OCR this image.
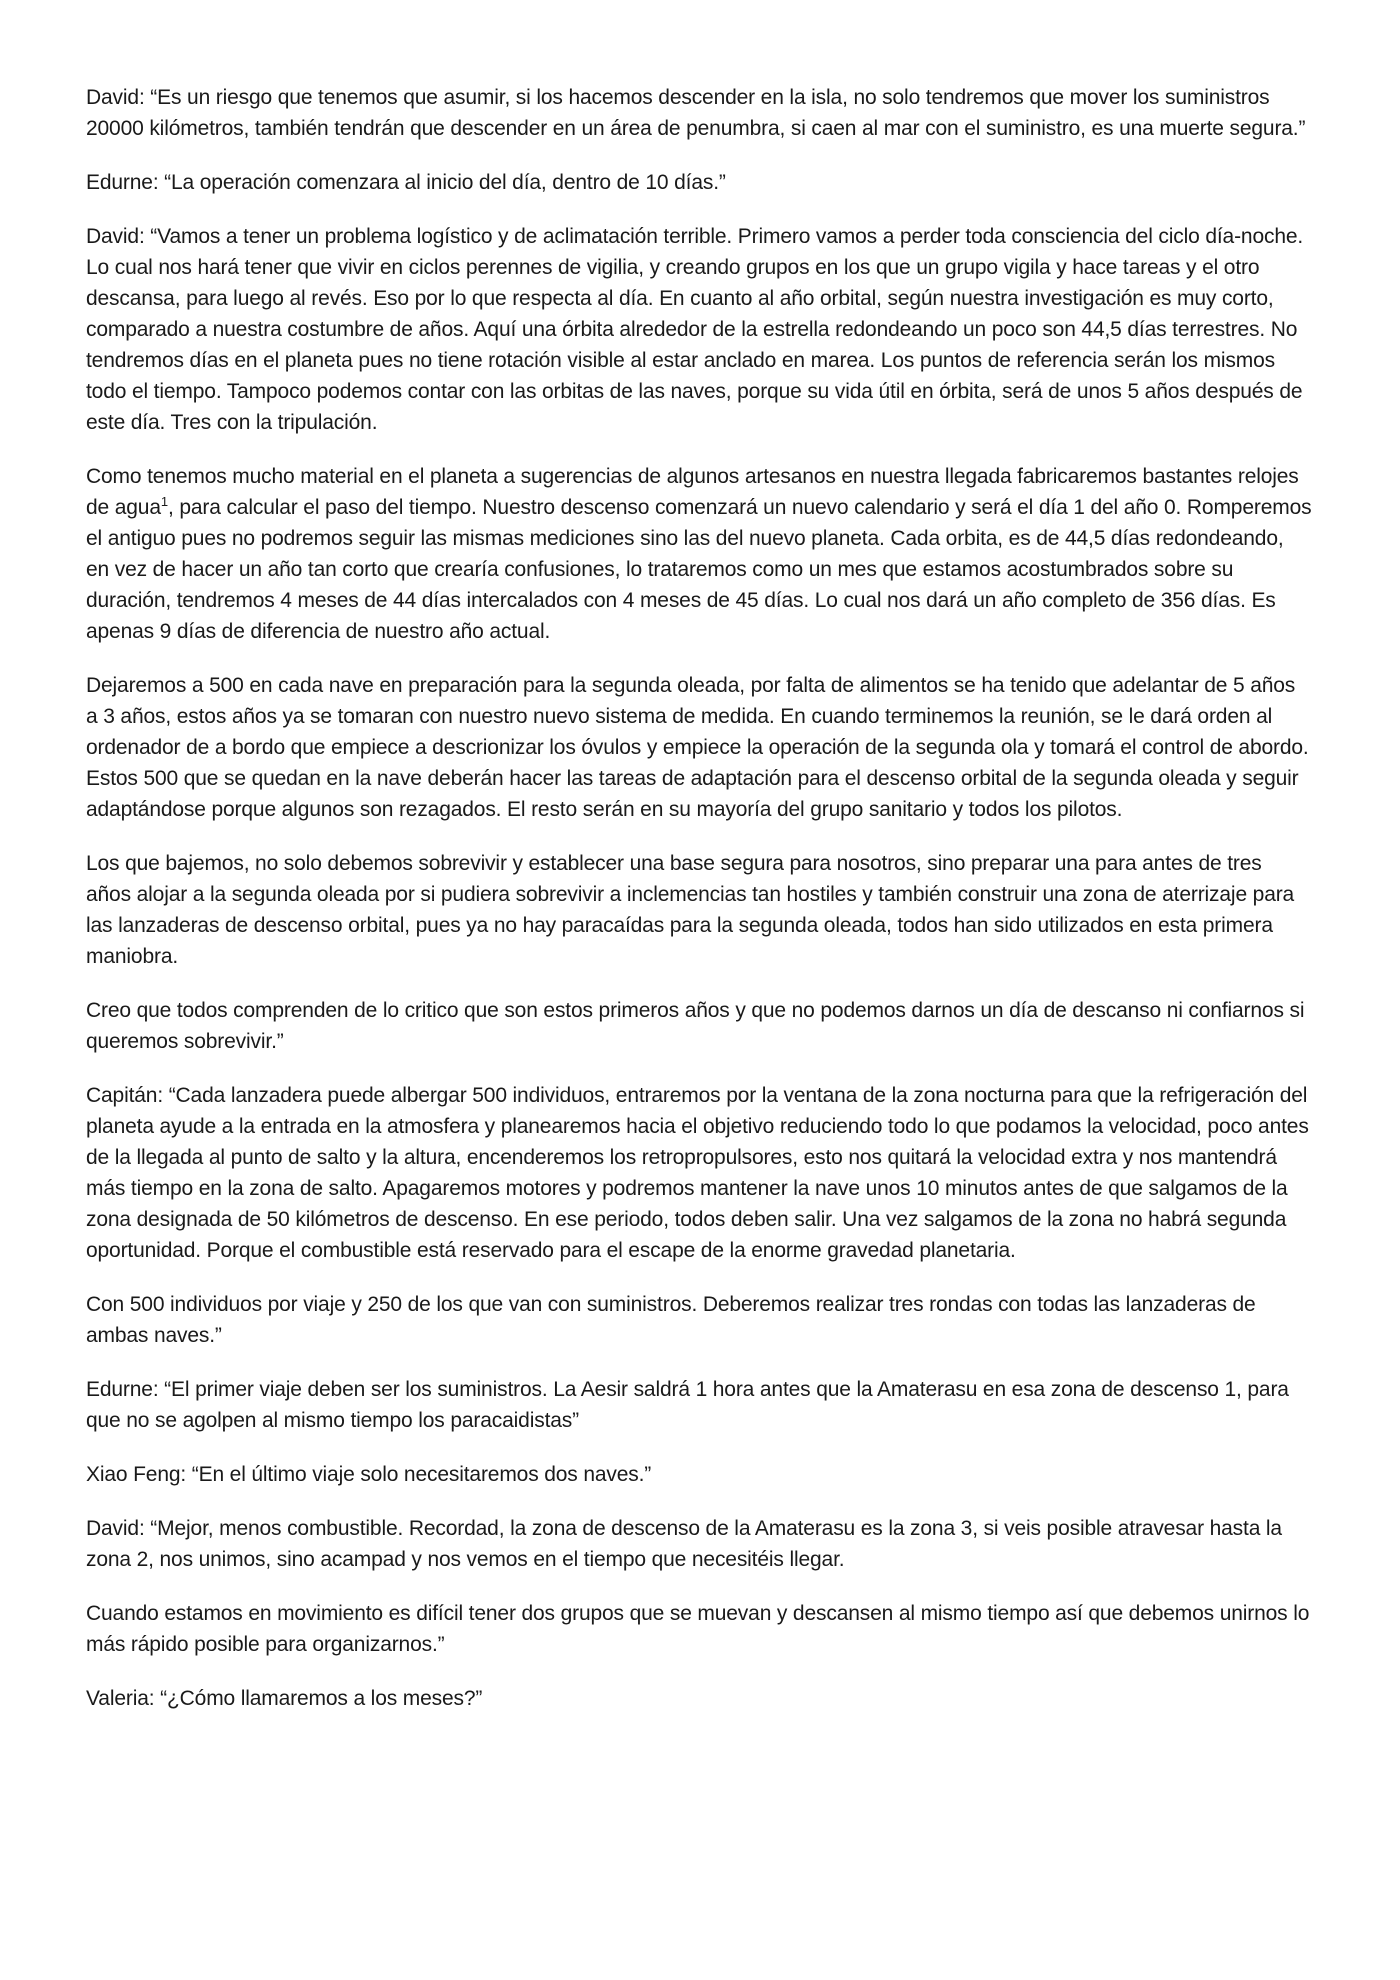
David: “Es un riesgo que tenemos que asumir, si los hacemos descender en la isla, no solo tendremos que mover los suministros 20000 kilómetros, también tendrán que descender en un área de penumbra, si caen al mar con el suministro, es una muerte segura.”

Edurne: “La operación comenzara al inicio del día, dentro de 10 días.”

David: “Vamos a tener un problema logístico y de aclimatación terrible. Primero vamos a perder toda consciencia del ciclo día-noche. Lo cual nos hará tener que vivir en ciclos perennes de vigilia, y creando grupos en los que un grupo vigila y hace tareas y el otro descansa, para luego al revés. Eso por lo que respecta al día. En cuanto al año orbital, según nuestra investigación es muy corto, comparado a nuestra costumbre de años. Aquí una órbita alrededor de la estrella redondeando un poco son 44,5 días terrestres. No tendremos días en el planeta pues no tiene rotación visible al estar anclado en marea. Los puntos de referencia serán los mismos todo el tiempo. Tampoco podemos contar con las orbitas de las naves, porque su vida útil en órbita, será de unos 5 años después de este día. Tres con la tripulación.

Como tenemos mucho material en el planeta a sugerencias de algunos artesanos en nuestra llegada fabricaremos bastantes relojes de agua$^1$, para calcular el paso del tiempo. Nuestro descenso comenzará un nuevo calendario y será el día 1 del año 0. Romperemos el antiguo pues no podremos seguir las mismas mediciones sino las del nuevo planeta. Cada orbita, es de 44,5 días redondeando, en vez de hacer un año tan corto que crearía confusiones, lo trataremos como un mes que estamos acostumbrados sobre su duración, tendremos 4 meses de 44 días intercalados con 4 meses de 45 días. Lo cual nos dará un año completo de 356 días. Es apenas 9 días de diferencia de nuestro año actual.

Dejaremos a 500 en cada nave en preparación para la segunda oleada, por falta de alimentos se ha tenido que adelantar de 5 años a 3 años, estos años ya se tomaran con nuestro nuevo sistema de medida. En cuando terminemos la reunión, se le dará orden al ordenador de a bordo que empiece a descrionizar los óvulos y empiece la operación de la segunda ola y tomará el control de abordo. Estos 500 que se quedan en la nave deberán hacer las tareas de adaptación para el descenso orbital de la segunda oleada y seguir adaptándose porque algunos son rezagados. El resto serán en su mayoría del grupo sanitario y todos los pilotos.

Los que bajemos, no solo debemos sobrevivir y establecer una base segura para nosotros, sino preparar una para antes de tres años alojar a la segunda oleada por si pudiera sobrevivir a inclemencias tan hostiles y también construir una zona de aterrizaje para las lanzaderas de descenso orbital, pues ya no hay paracaídas para la segunda oleada, todos han sido utilizados en esta primera maniobra.

Creo que todos comprenden de lo critico que son estos primeros años y que no podemos darnos un día de descanso ni confiarnos si queremos sobrevivir.”

Capitán: “Cada lanzadera puede albergar 500 individuos, entraremos por la ventana de la zona nocturna para que la refrigeración del planeta ayude a la entrada en la atmosfera y planearemos hacia el objetivo reduciendo todo lo que podamos la velocidad, poco antes de la llegada al punto de salto y la altura, encenderemos los retropropulsores, esto nos quitará la velocidad extra y nos mantendrá más tiempo en la zona de salto. Apagaremos motores y podremos mantener la nave unos 10 minutos antes de que salgamos de la zona designada de 50 kilómetros de descenso. En ese periodo, todos deben salir. Una vez salgamos de la zona no habrá segunda oportunidad. Porque el combustible está reservado para el escape de la enorme gravedad planetaria.

Con 500 individuos por viaje y 250 de los que van con suministros. Deberemos realizar tres rondas con todas las lanzaderas de ambas naves.”

Edurne: “El primer viaje deben ser los suministros. La Aesir saldrá 1 hora antes que la Amaterasu en esa zona de descenso 1, para que no se agolpen al mismo tiempo los paracaidistas”

Xiao Feng: “En el último viaje solo necesitaremos dos naves.”

David: “Mejor, menos combustible. Recordad, la zona de descenso de la Amaterasu es la zona 3, si veis posible atravesar hasta la zona 2, nos unimos, sino acampad y nos vemos en el tiempo que necesitéis llegar.

Cuando estamos en movimiento es difícil tener dos grupos que se muevan y descansen al mismo tiempo así que debemos unirnos lo más rápido posible para organizarnos.”

Valeria: “¿Cómo llamaremos a los meses?”
